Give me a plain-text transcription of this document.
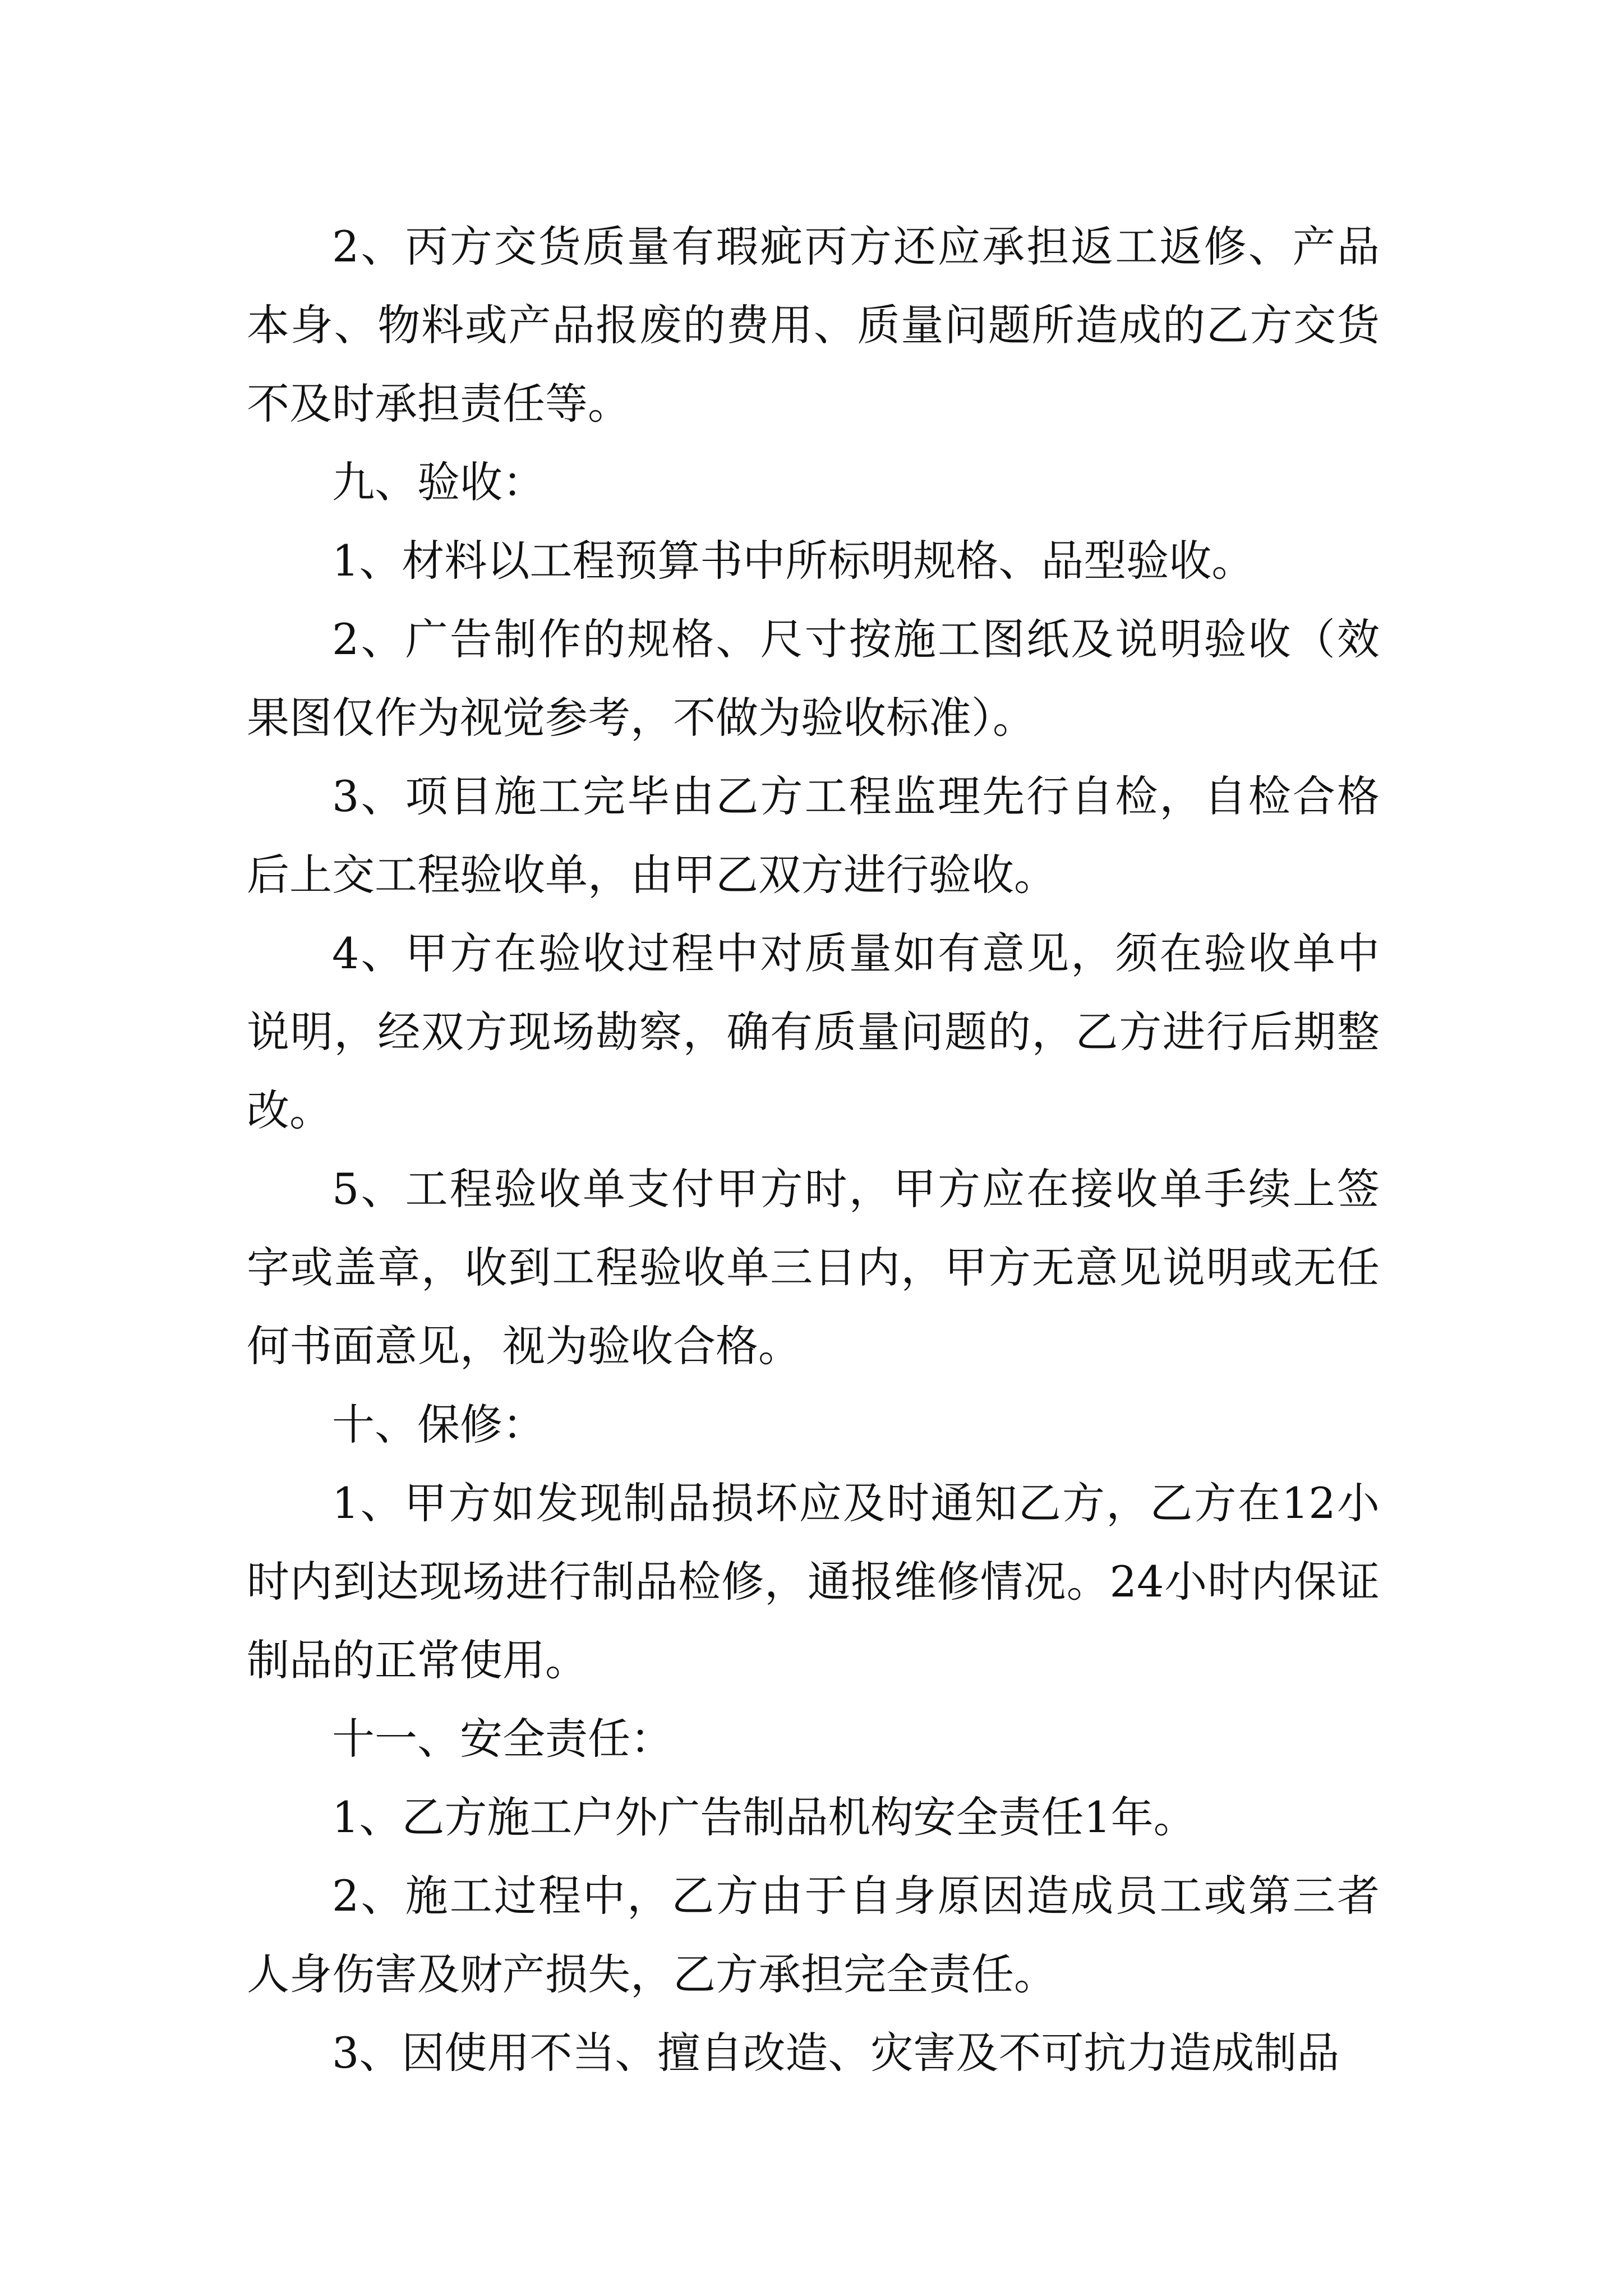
2、丙方交货质量有瑕疵丙方还应承担返工返修、产品本身、物料或产品报废的费用、质量问题所造成的乙方交货不及时承担责任等。

九、验收：

1、材料以工程预算书中所标明规格、品型验收。

2、广告制作的规格、尺寸按施工图纸及说明验收（效果图仅作为视觉参考，不做为验收标准）。

3、项目施工完毕由乙方工程监理先行自检，自检合格后上交工程验收单，由甲乙双方进行验收。

4、甲方在验收过程中对质量如有意见，须在验收单中说明，经双方现场勘察，确有质量问题的，乙方进行后期整改。

5、工程验收单支付甲方时，甲方应在接收单手续上签字或盖章，收到工程验收单三日内，甲方无意见说明或无任何书面意见，视为验收合格。

十、保修：

1、甲方如发现制品损坏应及时通知乙方，乙方在12小时内到达现场进行制品检修，通报维修情况。24小时内保证制品的正常使用。

十一、安全责任：

1、乙方施工户外广告制品机构安全责任1年。

2、施工过程中，乙方由于自身原因造成员工或第三者人身伤害及财产损失，乙方承担完全责任。

3、因使用不当、擅自改造、灾害及不可抗力造成制品
